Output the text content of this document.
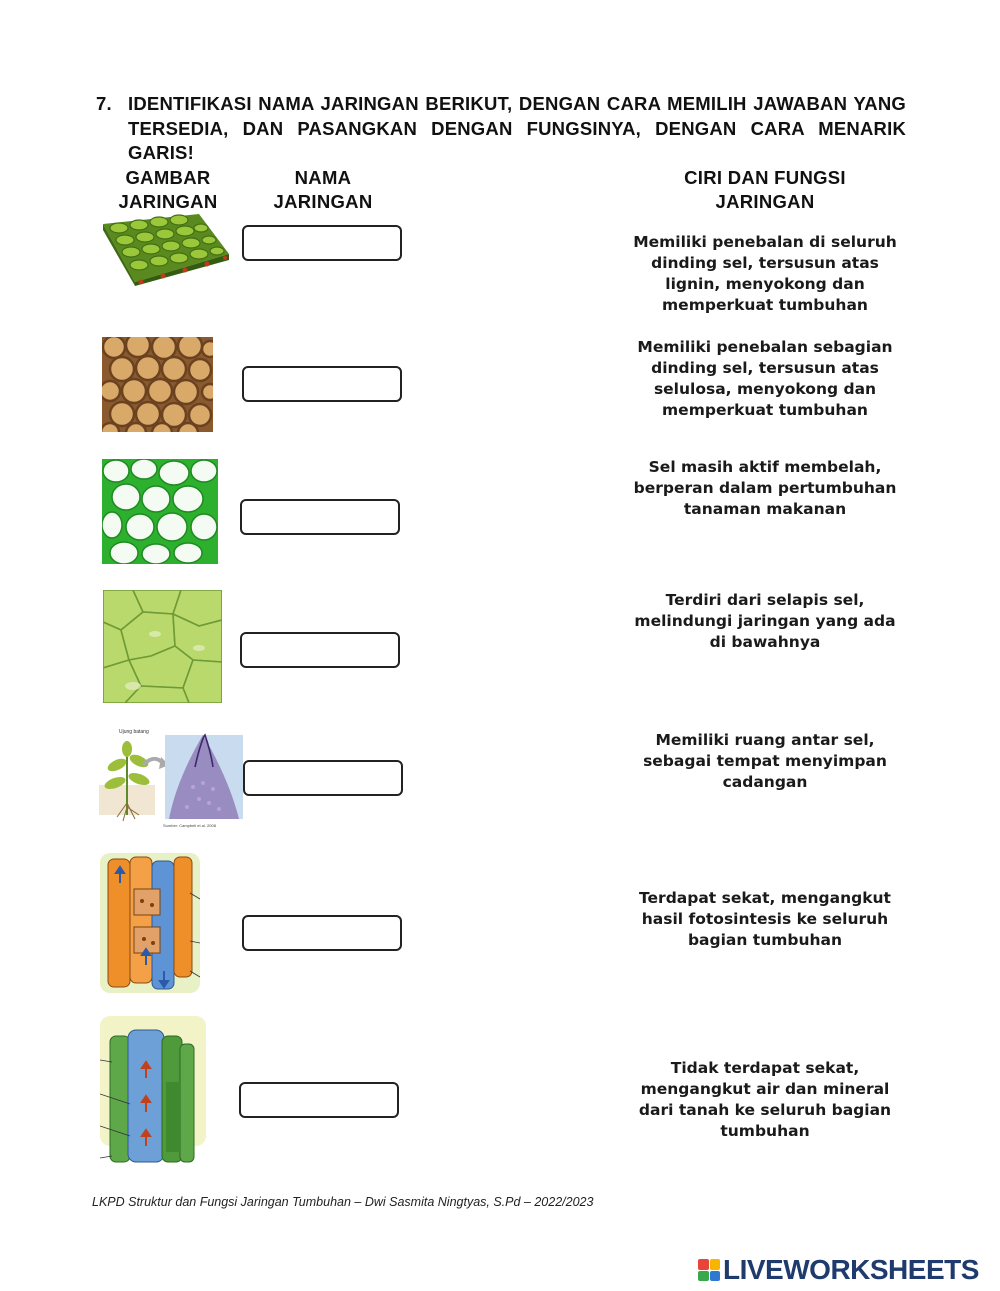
7. IDENTIFIKASI NAMA JARINGAN BERIKUT, DENGAN CARA MEMILIH JAWABAN YANG TERSEDIA, DAN PASANGKAN DENGAN FUNGSINYA, DENGAN CARA MENARIK GARIS!
GAMBAR
JARINGAN
NAMA
JARINGAN
CIRI DAN FUNGSI
JARINGAN
Ujung batang
Sumber: Campbell et al. 2008
Memiliki penebalan di seluruh
dinding sel, tersusun atas
lignin, menyokong dan
memperkuat tumbuhan
Memiliki penebalan sebagian
dinding sel, tersusun atas
selulosa, menyokong dan
memperkuat tumbuhan
Sel masih aktif membelah,
berperan dalam pertumbuhan
tanaman makanan
Terdiri dari selapis sel,
melindungi jaringan yang ada
di bawahnya
Memiliki ruang antar sel,
sebagai tempat menyimpan
cadangan
Terdapat sekat, mengangkut
hasil fotosintesis ke seluruh
bagian tumbuhan
Tidak terdapat sekat,
mengangkut air dan mineral
dari tanah ke seluruh bagian
tumbuhan
LKPD Struktur dan Fungsi Jaringan Tumbuhan – Dwi Sasmita Ningtyas, S.Pd – 2022/2023
LIVEWORKSHEETS
